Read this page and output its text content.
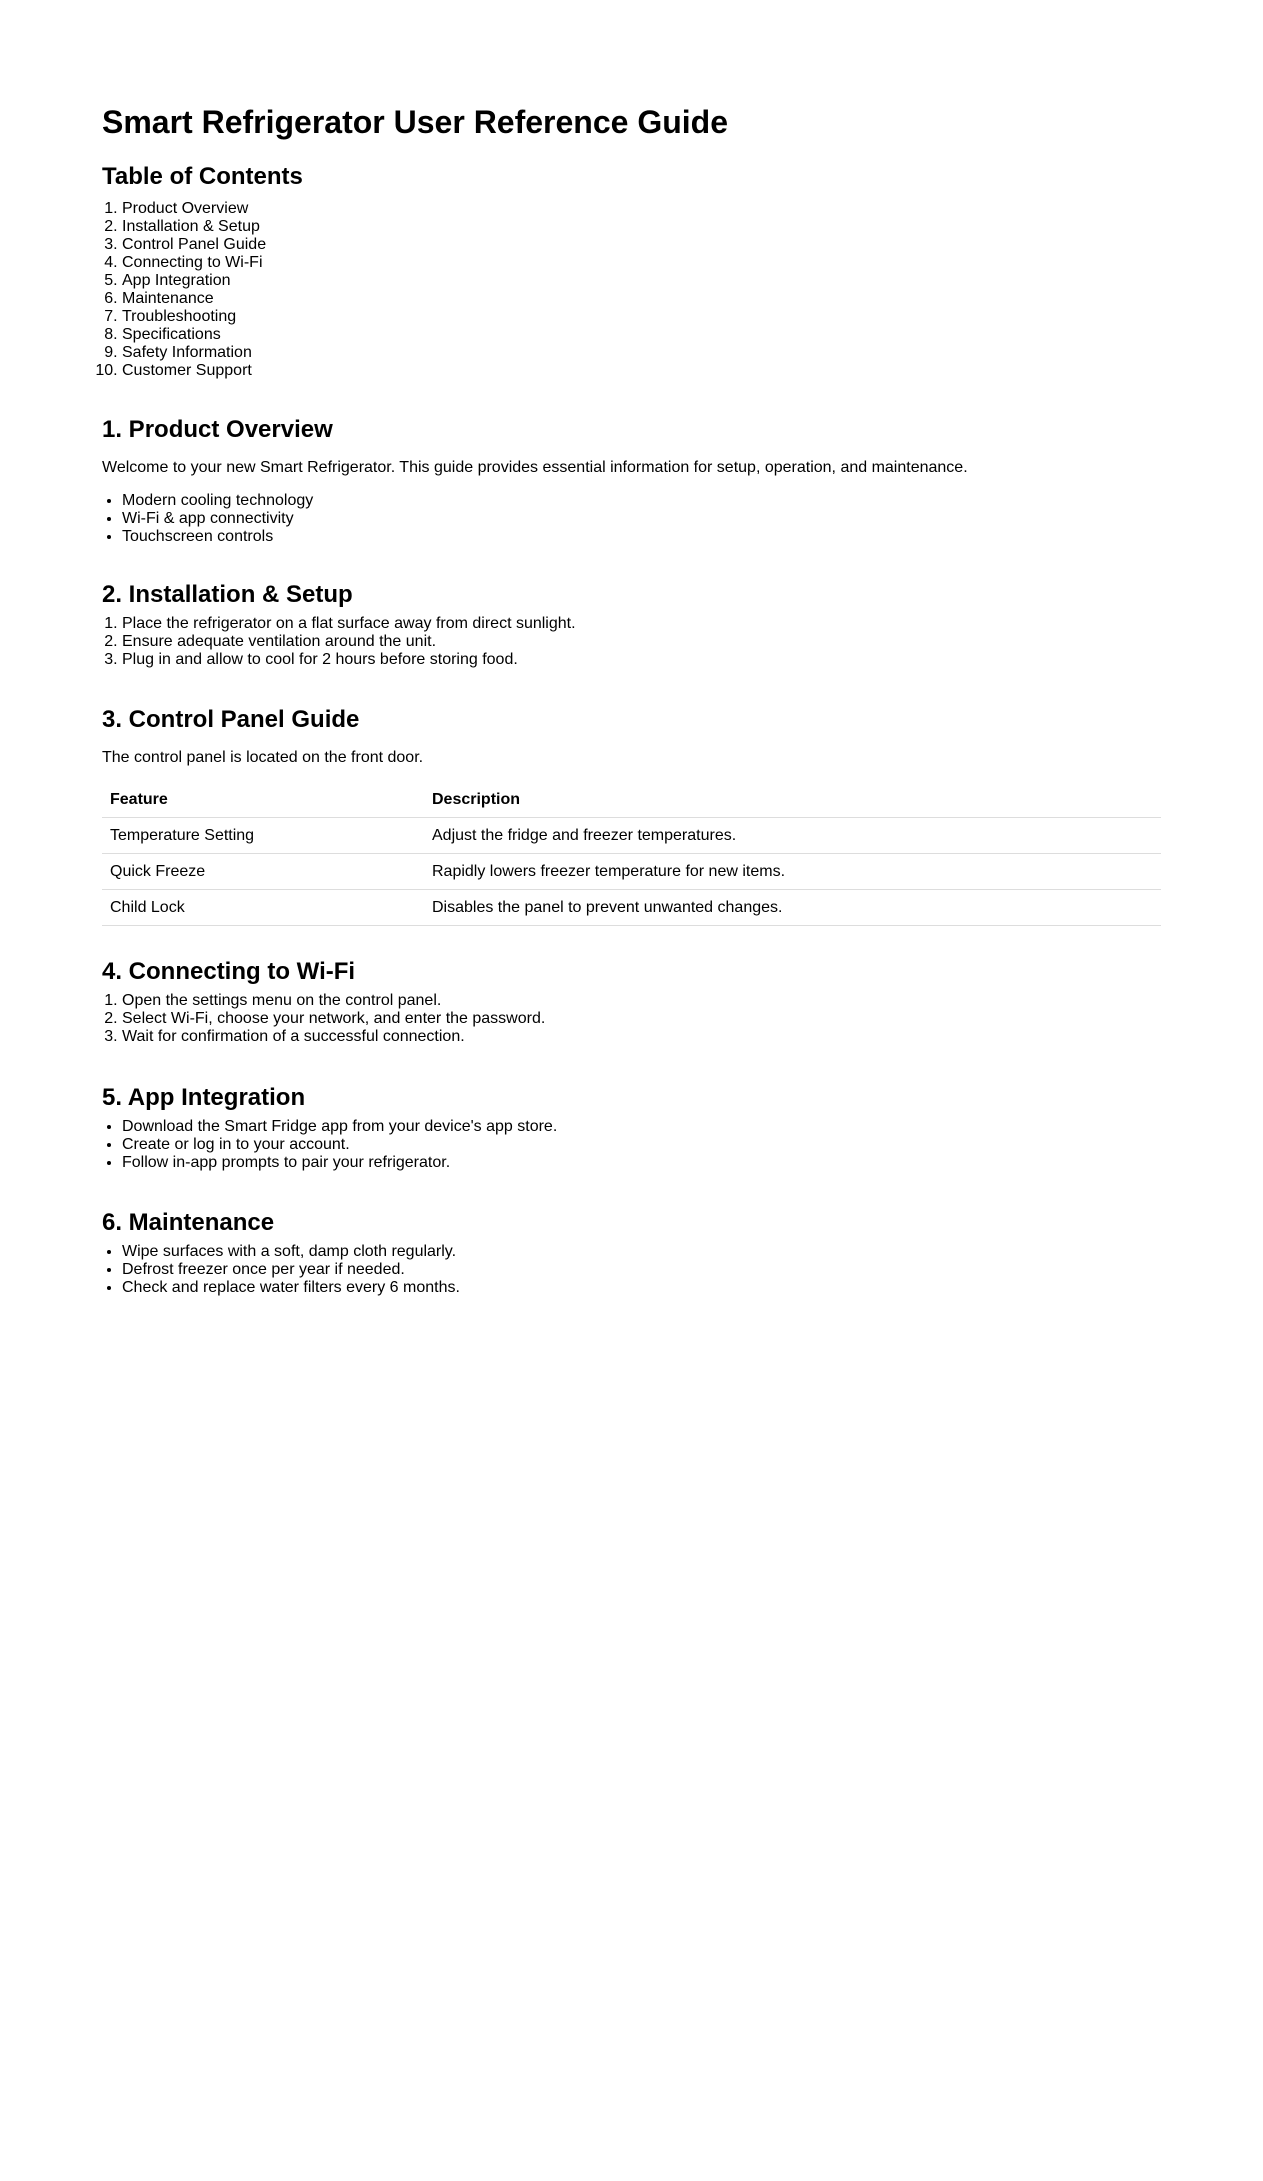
Smart Refrigerator User Reference Guide
Table of Contents
1. Product Overview
2. Installation & Setup
3. Control Panel Guide
4. Connecting to Wi-Fi
5. App Integration
6. Maintenance
7. Troubleshooting
8. Specifications
9. Safety Information
10. Customer Support
1. Product Overview

Welcome to your new Smart Refrigerator. This guide provides essential information for setup, operation, and maintenance.

• Modern cooling technology
• Wi-Fi & app connectivity
• Touchscreen controls
2. Installation & Setup
1. Place the refrigerator on a flat surface away from direct sunlight.
2. Ensure adequate ventilation around the unit.
3. Plug in and allow to cool for 2 hours before storing food.
3. Control Panel Guide

The control panel is located on the front door.

Feature	Description
Temperature Setting	Adjust the fridge and freezer temperatures.
Quick Freeze	Rapidly lowers freezer temperature for new items.
Child Lock	Disables the panel to prevent unwanted changes.
4. Connecting to Wi-Fi
1. Open the settings menu on the control panel.
2. Select Wi-Fi, choose your network, and enter the password.
3. Wait for confirmation of a successful connection.
5. App Integration
• Download the Smart Fridge app from your device's app store.
• Create or log in to your account.
• Follow in-app prompts to pair your refrigerator.
6. Maintenance
• Wipe surfaces with a soft, damp cloth regularly.
• Defrost freezer once per year if needed.
• Check and replace water filters every 6 months.
